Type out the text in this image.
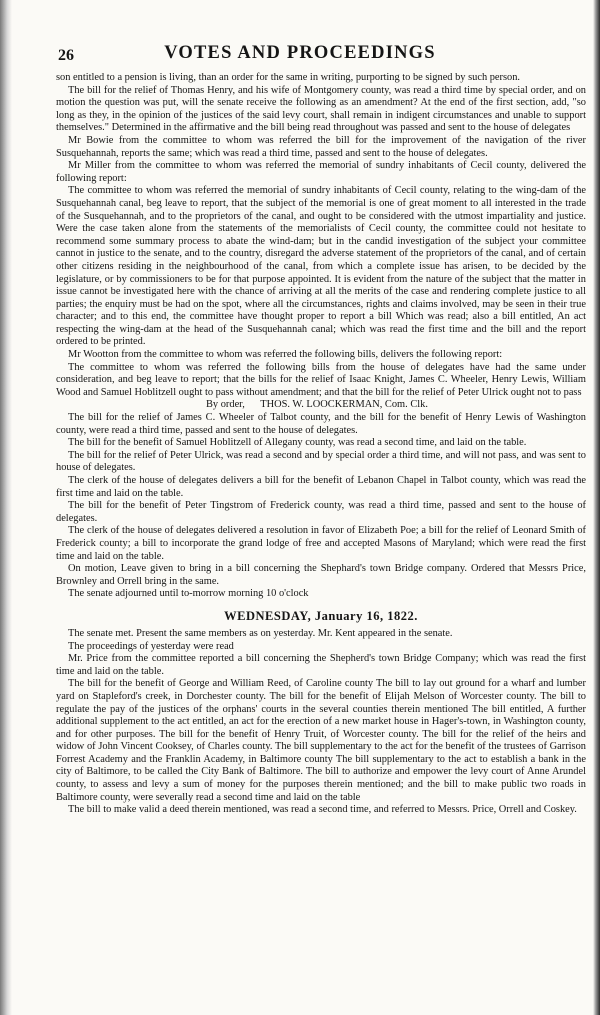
26	VOTES AND PROCEEDINGS

son entitled to a pension is living, than an order for the same in writing, purporting to be signed by such person.

The bill for the relief of Thomas Henry, and his wife of Montgomery county, was read a third time by special order, and on motion the question was put, will the senate receive the following as an amendment? At the end of the first section, add, "so long as they, in the opinion of the justices of the said levy court, shall remain in indigent circumstances and unable to support themselves." Determined in the affirmative and the bill being read throughout was passed and sent to the house of delegates

Mr Bowie from the committee to whom was referred the bill for the improvement of the navigation of the river Susquehannah, reports the same; which was read a third time, passed and sent to the house of delegates.

Mr Miller from the committee to whom was referred the memorial of sundry inhabitants of Cecil county, delivered the following report:

The committee to whom was referred the memorial of sundry inhabitants of Cecil county, relating to the wing-dam of the Susquehannah canal, beg leave to report, that the subject of the memorial is one of great moment to all interested in the trade of the Susquehannah, and to the proprietors of the canal, and ought to be considered with the utmost impartiality and justice. Were the case taken alone from the statements of the memorialists of Cecil county, the committee could not hesitate to recommend some summary process to abate the wind-dam; but in the candid investigation of the subject your committee cannot in justice to the senate, and to the country, disregard the adverse statement of the proprietors of the canal, and of certain other citizens residing in the neighbourhood of the canal, from which a complete issue has arisen, to be decided by the legislature, or by commissioners to be for that purpose appointed. It is evident from the nature of the subject that the matter in issue cannot be investigated here with the chance of arriving at all the merits of the case and rendering complete justice to all parties; the enquiry must be had on the spot, where all the circumstances, rights and claims involved, may be seen in their true character; and to this end, the committee have thought proper to report a bill Which was read; also a bill entitled, An act respecting the wing-dam at the head of the Susquehannah canal; which was read the first time and the bill and the report ordered to be printed.

Mr Wootton from the committee to whom was referred the following bills, delivers the following report:

The committee to whom was referred the following bills from the house of delegates have had the same under consideration, and beg leave to report; that the bills for the relief of Isaac Knight, James C. Wheeler, Henry Lewis, William Wood and Samuel Hoblitzell ought to pass without amendment; and that the bill for the relief of Peter Ulrick ought not to pass

By order, THOS. W. LOOCKERMAN, Com. Clk.

The bill for the relief of James C. Wheeler of Talbot county, and the bill for the benefit of Henry Lewis of Washington county, were read a third time, passed and sent to the house of delegates.

The bill for the benefit of Samuel Hoblitzell of Allegany county, was read a second time, and laid on the table.

The bill for the relief of Peter Ulrick, was read a second and by special order a third time, and will not pass, and was sent to house of delegates.

The clerk of the house of delegates delivers a bill for the benefit of Lebanon Chapel in Talbot county, which was read the first time and laid on the table.

The bill for the benefit of Peter Tingstrom of Frederick county, was read a third time, passed and sent to the house of delegates.

The clerk of the house of delegates delivered a resolution in favor of Elizabeth Poe; a bill for the relief of Leonard Smith of Frederick county; a bill to incorporate the grand lodge of free and accepted Masons of Maryland; which were read the first time and laid on the table.

On motion, Leave given to bring in a bill concerning the Shephard's town Bridge company. Ordered that Messrs Price, Brownley and Orrell bring in the same.

The senate adjourned until to-morrow morning 10 o'clock

WEDNESDAY, January 16, 1822.

The senate met. Present the same members as on yesterday. Mr. Kent appeared in the senate.

The proceedings of yesterday were read

Mr. Price from the committee reported a bill concerning the Shepherd's town Bridge Company; which was read the first time and laid on the table.

The bill for the benefit of George and William Reed, of Caroline county The bill to lay out ground for a wharf and lumber yard on Stapleford's creek, in Dorchester county. The bill for the benefit of Elijah Melson of Worcester county. The bill to regulate the pay of the justices of the orphans' courts in the several counties therein mentioned The bill entitled, A further additional supplement to the act entitled, an act for the erection of a new market house in Hager's-town, in Washington county, and for other purposes. The bill for the benefit of Henry Truit, of Worcester county. The bill for the relief of the heirs and widow of John Vincent Cooksey, of Charles county. The bill supplementary to the act for the benefit of the trustees of Garrison Forrest Academy and the Franklin Academy, in Baltimore county The bill supplementary to the act to establish a bank in the city of Baltimore, to be called the City Bank of Baltimore. The bill to authorize and empower the levy court of Anne Arundel county, to assess and levy a sum of money for the purposes therein mentioned; and the bill to make public two roads in Baltimore county, were severally read a second time and laid on the table

The bill to make valid a deed therein mentioned, was read a second time, and referred to Messrs. Price, Orrell and Coskey.
